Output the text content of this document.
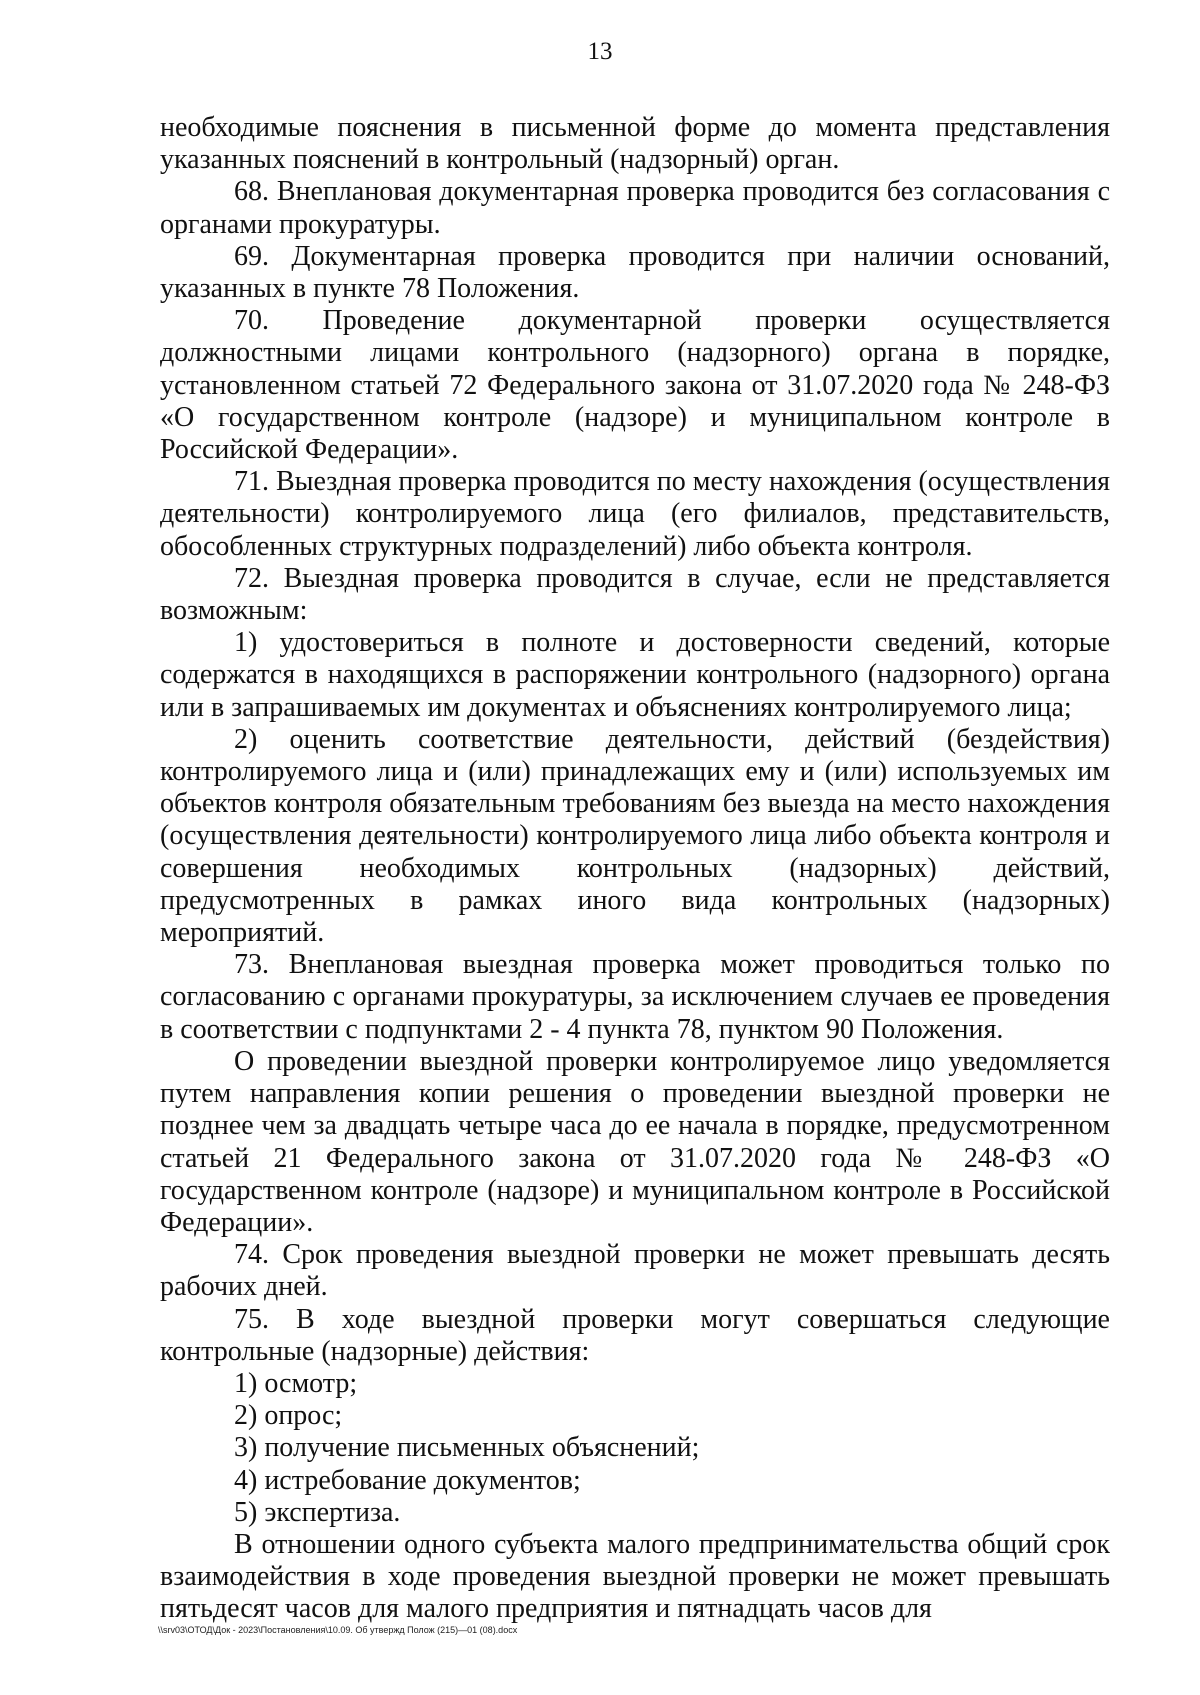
13

необходимые пояснения в письменной форме до момента представления указанных пояснений в контрольный (надзорный) орган.

68. Внеплановая документарная проверка проводится без согласования с органами прокуратуры.

69. Документарная проверка проводится при наличии оснований, указанных в пункте 78 Положения.

70. Проведение документарной проверки осуществляется должностными лицами контрольного (надзорного) органа в порядке, установленном статьей 72 Федерального закона от 31.07.2020 года № 248-ФЗ «О государственном контроле (надзоре) и муниципальном контроле в Российской Федерации».

71. Выездная проверка проводится по месту нахождения (осуществления деятельности) контролируемого лица (его филиалов, представительств, обособленных структурных подразделений) либо объекта контроля.

72. Выездная проверка проводится в случае, если не представляется возможным:

1) удостовериться в полноте и достоверности сведений, которые содержатся в находящихся в распоряжении контрольного (надзорного) органа или в запрашиваемых им документах и объяснениях контролируемого лица;

2) оценить соответствие деятельности, действий (бездействия) контролируемого лица и (или) принадлежащих ему и (или) используемых им объектов контроля обязательным требованиям без выезда на место нахождения (осуществления деятельности) контролируемого лица либо объекта контроля и совершения необходимых контрольных (надзорных) действий, предусмотренных в рамках иного вида контрольных (надзорных) мероприятий.

73. Внеплановая выездная проверка может проводиться только по согласованию с органами прокуратуры, за исключением случаев ее проведения в соответствии с подпунктами 2 - 4 пункта 78, пунктом 90 Положения.

О проведении выездной проверки контролируемое лицо уведомляется путем направления копии решения о проведении выездной проверки не позднее чем за двадцать четыре часа до ее начала в порядке, предусмотренном статьей 21 Федерального закона от 31.07.2020 года № 248-ФЗ «О государственном контроле (надзоре) и муниципальном контроле в Российской Федерации».

74. Срок проведения выездной проверки не может превышать десять рабочих дней.

75. В ходе выездной проверки могут совершаться следующие контрольные (надзорные) действия:

1) осмотр;

2) опрос;

3) получение письменных объяснений;

4) истребование документов;

5) экспертиза.

В отношении одного субъекта малого предпринимательства общий срок взаимодействия в ходе проведения выездной проверки не может превышать пятьдесят часов для малого предприятия и пятнадцать часов для

\\srv03\ОТОД\Док - 2023\Постановления\10.09. Об утвержд Полож (215)—01 (08).docx
